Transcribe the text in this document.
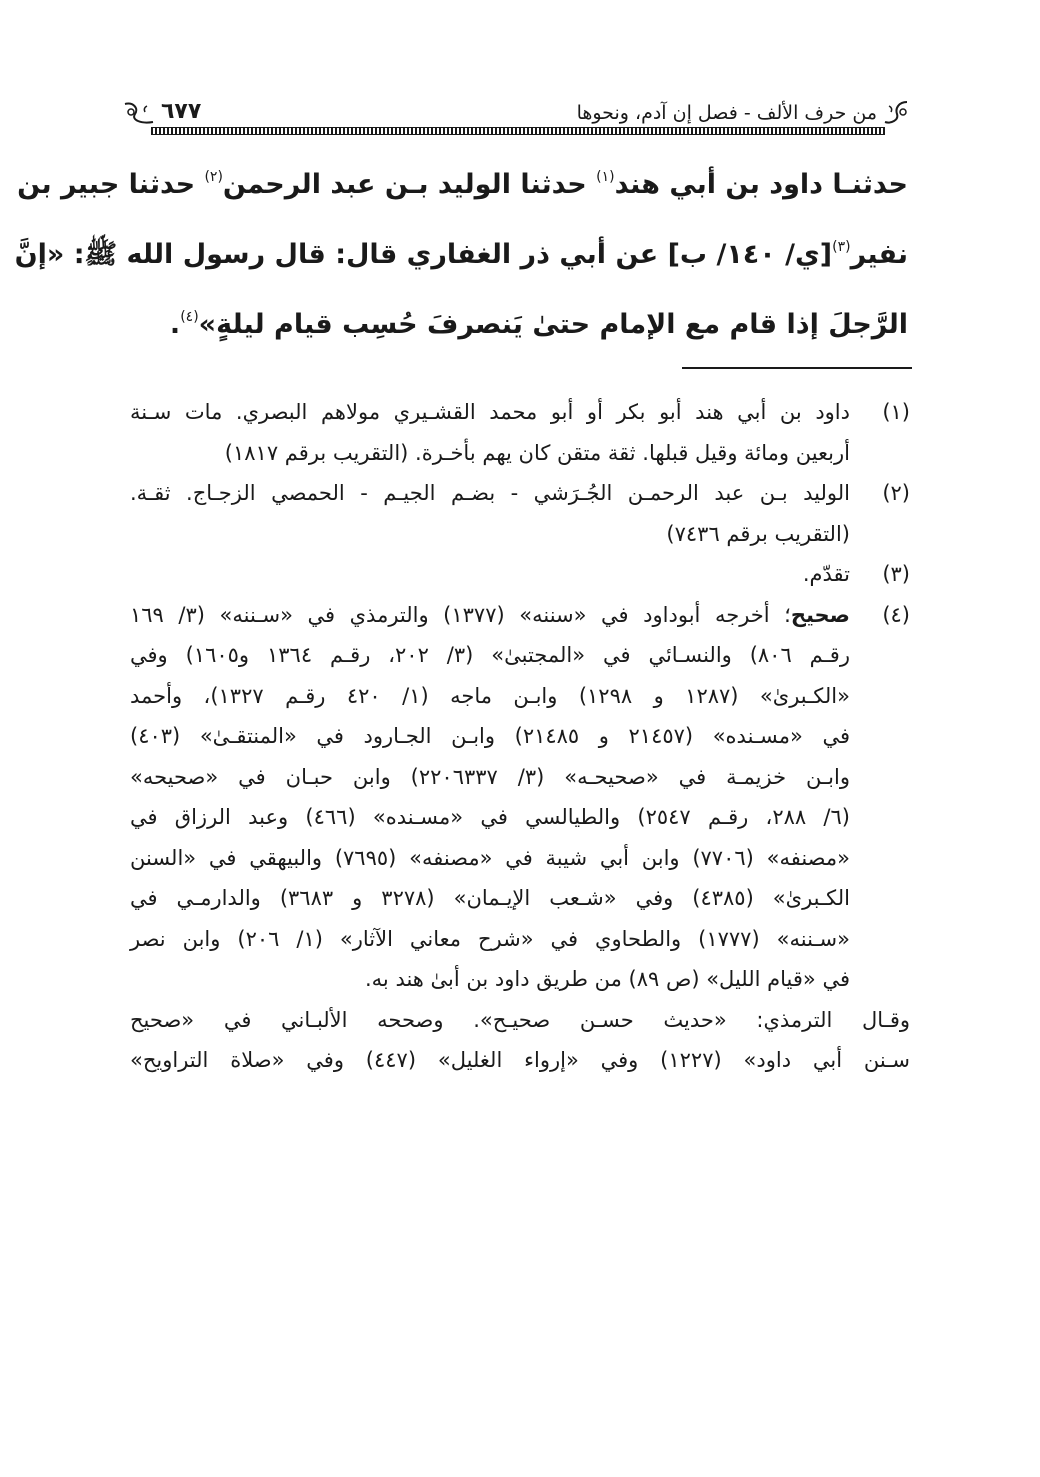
من حرف الألف - فصل إن آدم، ونحوها
٦٧٧
حدثنـا داود بن أبي هند$^{(١)}$ حدثنا الوليد بـن عبد الرحمن$^{(٢)}$ حدثنا جبير بن
نفير$^{(٣)}$[ي/ ١٤٠/ ب] عن أبي ذر الغفاري قال: قال رسول الله ﷺ: «إنَّ
الرَّجلَ إذا قام مع الإمام حتىٰ يَنصرفَ حُسِب قيام ليلةٍ»$^{(٤)}$.
(١)
داود بن أبي هند أبو بكر أو أبو محمد القشـيري مولاهم البصري. مات سـنة
أربعين ومائة وقيل قبلها. ثقة متقن كان يهم بأخـرة. (التقريب برقم ١٨١٧)
(٢)
الوليد بـن عبد الرحمـن الجُـرَشي - بضـم الجيـم - الحمصي الزجـاج. ثقـة.
(التقريب برقم ٧٤٣٦)
(٣)
تقدّم.
(٤)
صحيح؛ أخرجه أبوداود في «سننه» (١٣٧٧) والترمذي في «سـننه» (٣/ ١٦٩
رقـم ٨٠٦) والنسـائي في «المجتبىٰ» (٣/ ٢٠٢، رقـم ١٣٦٤ و١٦٠٥) وفي
«الكـبرىٰ» (١٢٨٧ و ١٢٩٨) وابـن ماجه (١/ ٤٢٠ رقـم ١٣٢٧)، وأحمد
في «مسـنده» (٢١٤٥٧ و ٢١٤٨٥) وابـن الجـارود في «المنتقـىٰ» (٤٠٣)
وابـن خزيمـة في «صحيحـه» (٣/ ٢٢٠٦٣٣٧) وابن حبـان في «صحيحه»
(٦/ ٢٨٨، رقـم ٢٥٤٧) والطيالسي في «مسـنده» (٤٦٦) وعبد الرزاق في
«مصنفه» (٧٧٠٦) وابن أبي شيبة في «مصنفه» (٧٦٩٥) والبيهقي في «السنن
الكـبرىٰ» (٤٣٨٥) وفي «شـعب الإيـمان» (٣٢٧٨ و ٣٦٨٣) والدارمـي في
«سـننه» (١٧٧٧) والطحاوي في «شرح معاني الآثار» (١/ ٢٠٦) وابن نصر
في «قيام الليل» (ص ٨٩) من طريق داود بن أبىٰ هند به.
وقـال الترمذي: «حديث حسـن صحيـح». وصححه الألبـاني في «صحيح
سـنن أبي داود» (١٢٢٧) وفي «إرواء الغليل» (٤٤٧) وفي «صلاة التراويح»
